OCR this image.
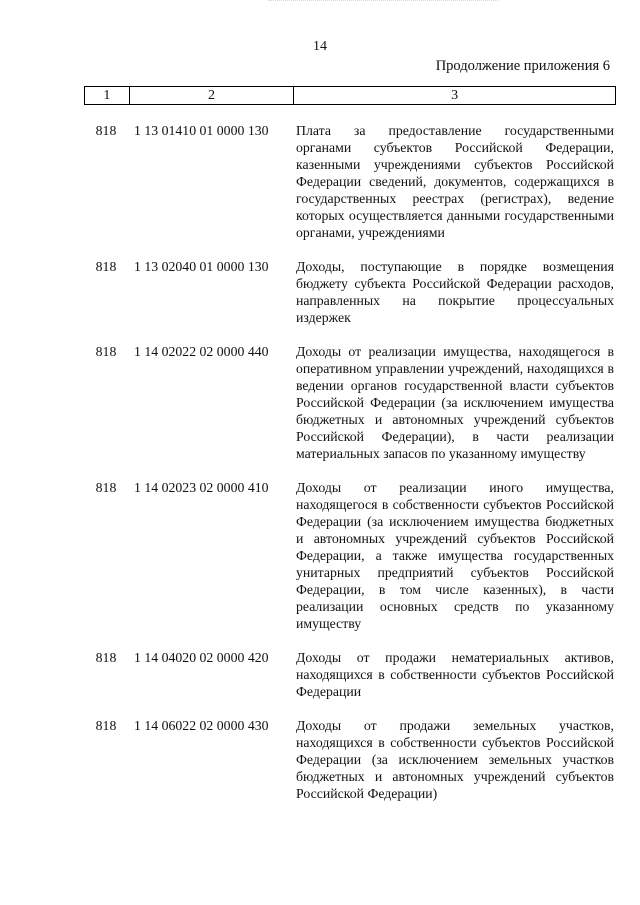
14
Продолжение приложения 6
1	2	3
818	1 13 01410 01 0000 130	Плата за предоставление государственными органами субъектов Российской Федерации, казенными учреждениями субъектов Российской Федерации сведений, документов, содержащихся в государственных реестрах (регистрах), ведение которых осуществляется данными государственными органами, учреждениями
818	1 13 02040 01 0000 130	Доходы, поступающие в порядке возмещения бюджету субъекта Российской Федерации расходов, направленных на покрытие процессуальных издержек
818	1 14 02022 02 0000 440	Доходы от реализации имущества, находящегося в оперативном управлении учреждений, находящихся в ведении органов государственной власти субъектов Российской Федерации (за исключением имущества бюджетных и автономных учреждений субъектов Российской Федерации), в части реализации материальных запасов по указанному имуществу
818	1 14 02023 02 0000 410	Доходы от реализации иного имущества, находящегося в собственности субъектов Российской Федерации (за исключением имущества бюджетных и автономных учреждений субъектов Российской Федерации, а также имущества государственных унитарных предприятий субъектов Российской Федерации, в том числе казенных), в части реализации основных средств по указанному имуществу
818	1 14 04020 02 0000 420	Доходы от продажи нематериальных активов, находящихся в собственности субъектов Российской Федерации
818	1 14 06022 02 0000 430	Доходы от продажи земельных участков, находящихся в собственности субъектов Российской Федерации (за исключением земельных участков бюджетных и автономных учреждений субъектов Российской Федерации)
